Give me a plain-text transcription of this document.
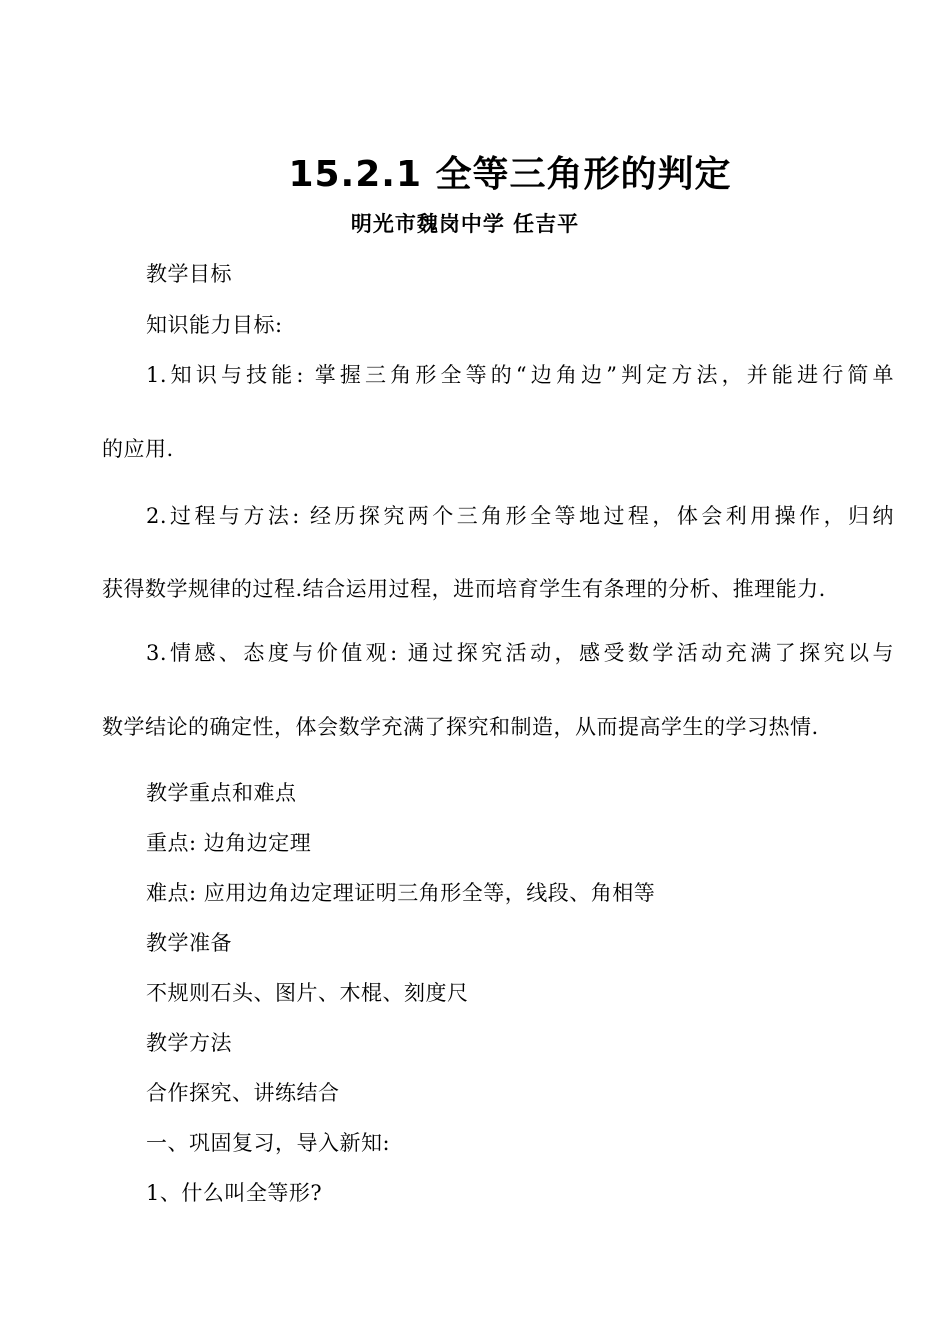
15.2.1 全等三角形的判定
明光市魏岗中学 任吉平
教学目标
知识能力目标:
1.知识与技能: 掌握三角形全等的“边角边”判定方法，并能进行简单
的应用.
2.过程与方法: 经历探究两个三角形全等地过程，体会利用操作，归纳
获得数学规律的过程.结合运用过程，进而培育学生有条理的分析、推理能力.
3.情感、态度与价值观: 通过探究活动，感受数学活动充满了探究以与
数学结论的确定性，体会数学充满了探究和制造，从而提高学生的学习热情.
教学重点和难点
重点: 边角边定理
难点: 应用边角边定理证明三角形全等，线段、角相等
教学准备
不规则石头、图片、木棍、刻度尺
教学方法
合作探究、讲练结合
一、巩固复习，导入新知:
1、什么叫全等形?
